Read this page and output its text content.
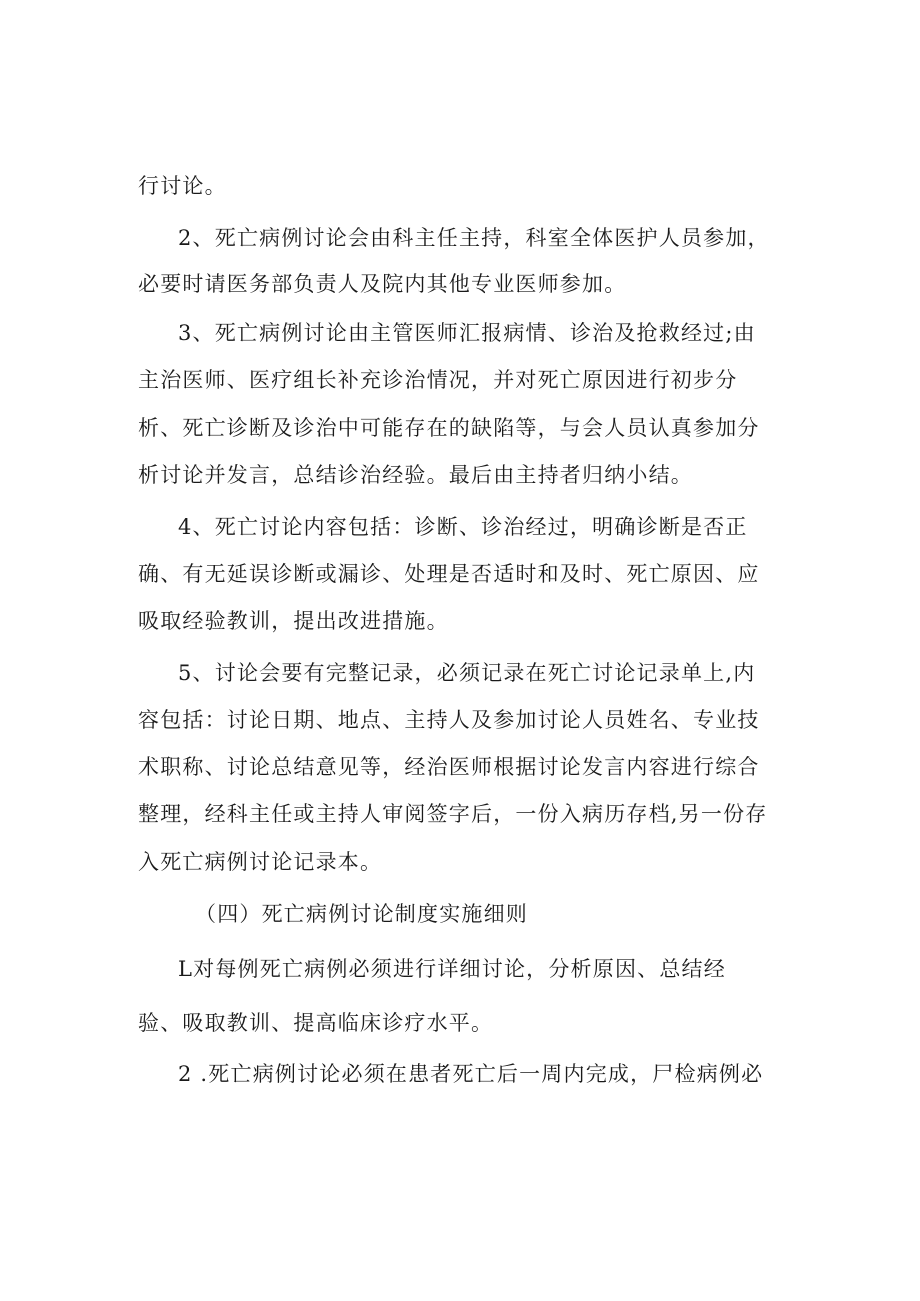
行讨论。
2、死亡病例讨论会由科主任主持，科室全体医护人员参加，
必要时请医务部负责人及院内其他专业医师参加。
3、死亡病例讨论由主管医师汇报病情、诊治及抢救经过;由
主治医师、医疗组长补充诊治情况，并对死亡原因进行初步分
析、死亡诊断及诊治中可能存在的缺陷等，与会人员认真参加分
析讨论并发言，总结诊治经验。最后由主持者归纳小结。
4、死亡讨论内容包括：诊断、诊治经过，明确诊断是否正
确、有无延误诊断或漏诊、处理是否适时和及时、死亡原因、应
吸取经验教训，提出改进措施。
5、讨论会要有完整记录，必须记录在死亡讨论记录单上,内
容包括：讨论日期、地点、主持人及参加讨论人员姓名、专业技
术职称、讨论总结意见等，经治医师根据讨论发言内容进行综合
整理，经科主任或主持人审阅签字后，一份入病历存档,另一份存
入死亡病例讨论记录本。
（四）死亡病例讨论制度实施细则
L对每例死亡病例必须进行详细讨论，分析原因、总结经
验、吸取教训、提高临床诊疗水平。
2 .死亡病例讨论必须在患者死亡后一周内完成，尸检病例必
